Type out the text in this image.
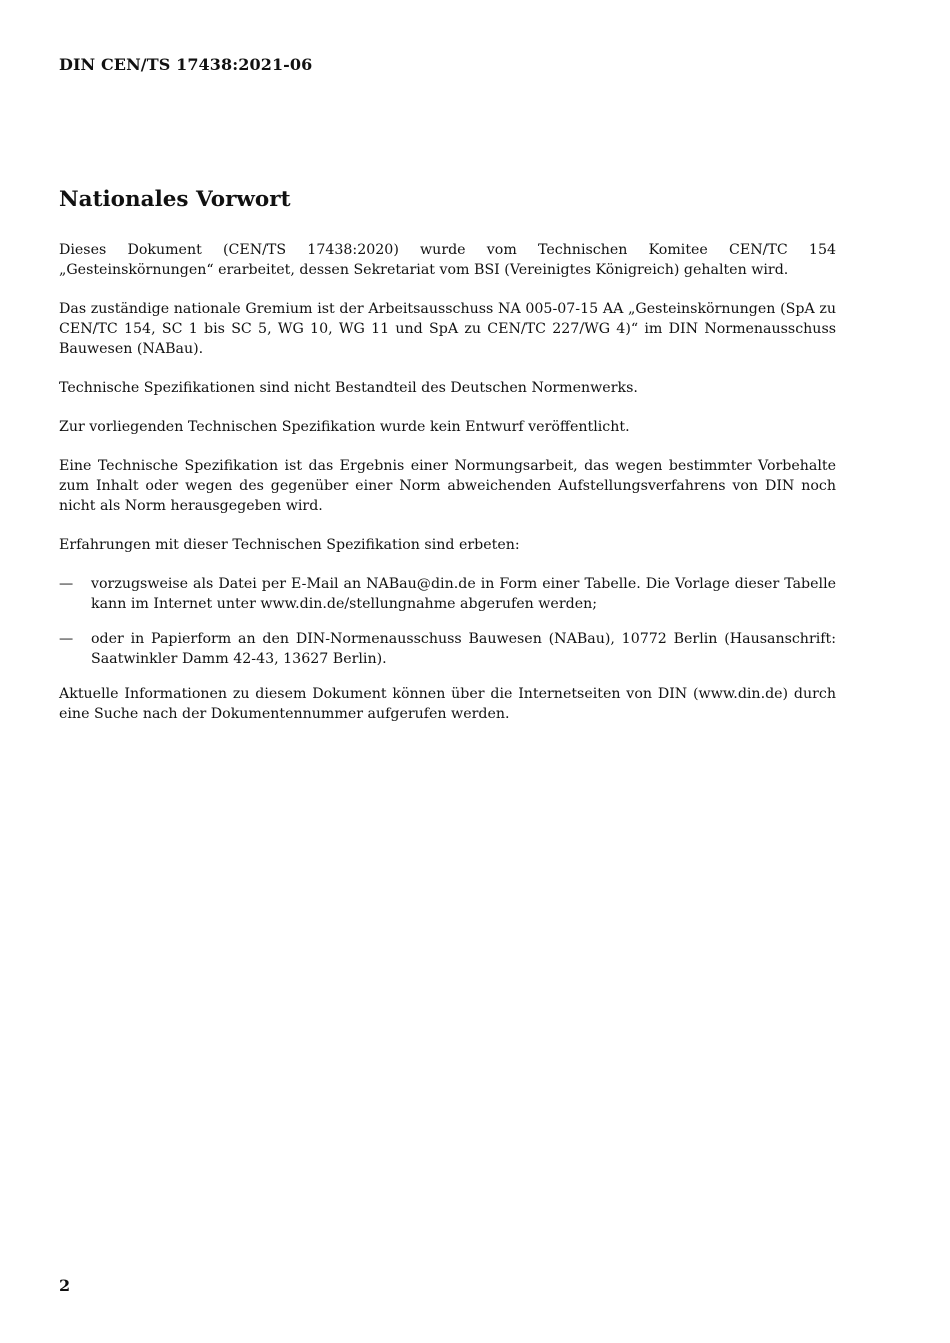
DIN CEN/TS 17438:2021-06
Nationales Vorwort

Dieses Dokument (CEN/TS 17438:2020) wurde vom Technischen Komitee CEN/TC 154 „Gesteinskörnungen“ erarbeitet, dessen Sekretariat vom BSI (Vereinigtes Königreich) gehalten wird.

Das zuständige nationale Gremium ist der Arbeitsausschuss NA 005-07-15 AA „Gesteinskörnungen (SpA zu CEN/TC 154, SC 1 bis SC 5, WG 10, WG 11 und SpA zu CEN/TC 227/WG 4)“ im DIN Normenausschuss Bauwesen (NABau).

Technische Spezifikationen sind nicht Bestandteil des Deutschen Normenwerks.

Zur vorliegenden Technischen Spezifikation wurde kein Entwurf veröffentlicht.

Eine Technische Spezifikation ist das Ergebnis einer Normungsarbeit, das wegen bestimmter Vorbehalte zum Inhalt oder wegen des gegenüber einer Norm abweichenden Aufstellungsverfahrens von DIN noch nicht als Norm herausgegeben wird.

Erfahrungen mit dieser Technischen Spezifikation sind erbeten:

— vorzugsweise als Datei per E-Mail an NABau@din.de in Form einer Tabelle. Die Vorlage dieser Tabelle kann im Internet unter www.din.de/stellungnahme abgerufen werden;
— oder in Papierform an den DIN-Normenausschuss Bauwesen (NABau), 10772 Berlin (Hausanschrift: Saatwinkler Damm 42-43, 13627 Berlin).

Aktuelle Informationen zu diesem Dokument können über die Internetseiten von DIN (www.din.de) durch eine Suche nach der Dokumentennummer aufgerufen werden.

2
